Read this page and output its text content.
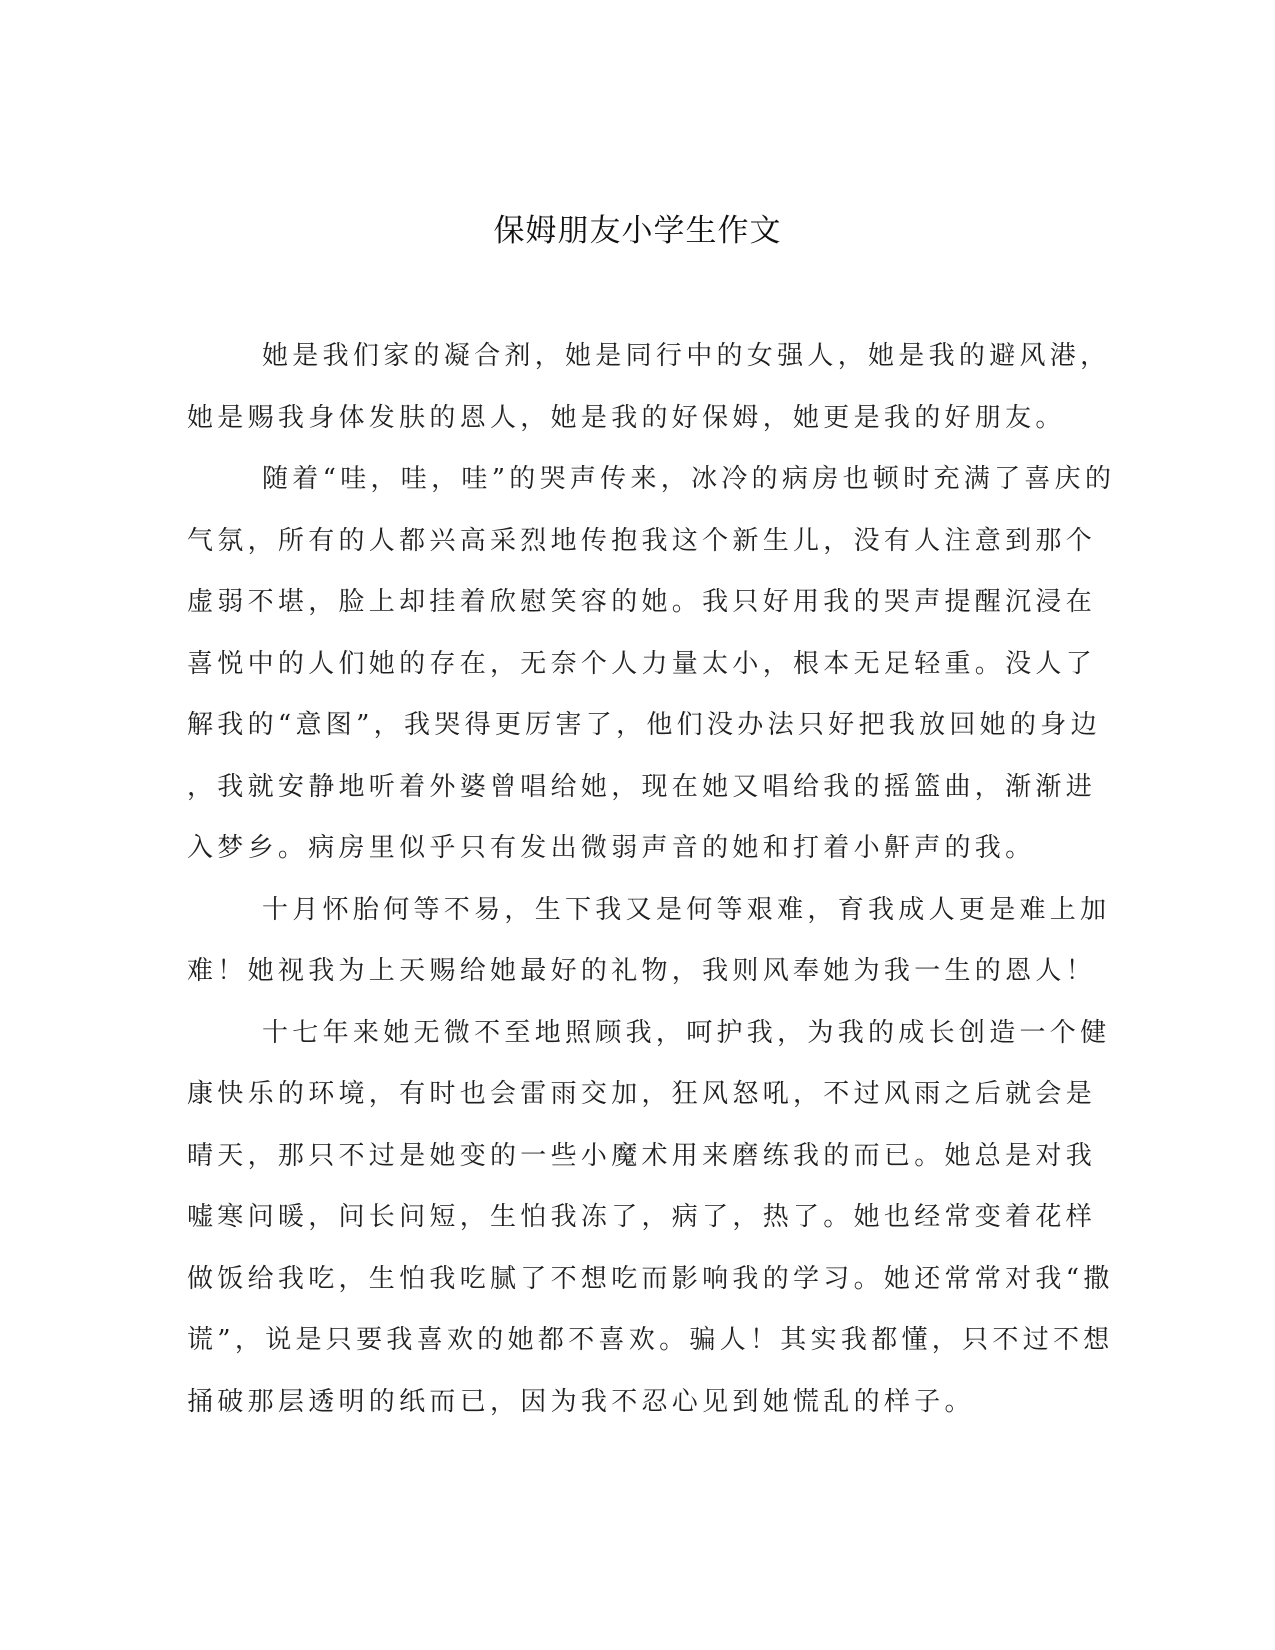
保姆朋友小学生作文
她是我们家的凝合剂，她是同行中的女强人，她是我的避风港，
她是赐我身体发肤的恩人，她是我的好保姆，她更是我的好朋友。
随着“哇，哇，哇”的哭声传来，冰冷的病房也顿时充满了喜庆的
气氛，所有的人都兴高采烈地传抱我这个新生儿，没有人注意到那个
虚弱不堪，脸上却挂着欣慰笑容的她。我只好用我的哭声提醒沉浸在
喜悦中的人们她的存在，无奈个人力量太小，根本无足轻重。没人了
解我的“意图”，我哭得更厉害了，他们没办法只好把我放回她的身边
，我就安静地听着外婆曾唱给她，现在她又唱给我的摇篮曲，渐渐进
入梦乡。病房里似乎只有发出微弱声音的她和打着小鼾声的我。
十月怀胎何等不易，生下我又是何等艰难，育我成人更是难上加
难！她视我为上天赐给她最好的礼物，我则风奉她为我一生的恩人！
十七年来她无微不至地照顾我，呵护我，为我的成长创造一个健
康快乐的环境，有时也会雷雨交加，狂风怒吼，不过风雨之后就会是
晴天，那只不过是她变的一些小魔术用来磨练我的而已。她总是对我
嘘寒问暖，问长问短，生怕我冻了，病了，热了。她也经常变着花样
做饭给我吃，生怕我吃腻了不想吃而影响我的学习。她还常常对我“撒
谎”，说是只要我喜欢的她都不喜欢。骗人！其实我都懂，只不过不想
捅破那层透明的纸而已，因为我不忍心见到她慌乱的样子。
